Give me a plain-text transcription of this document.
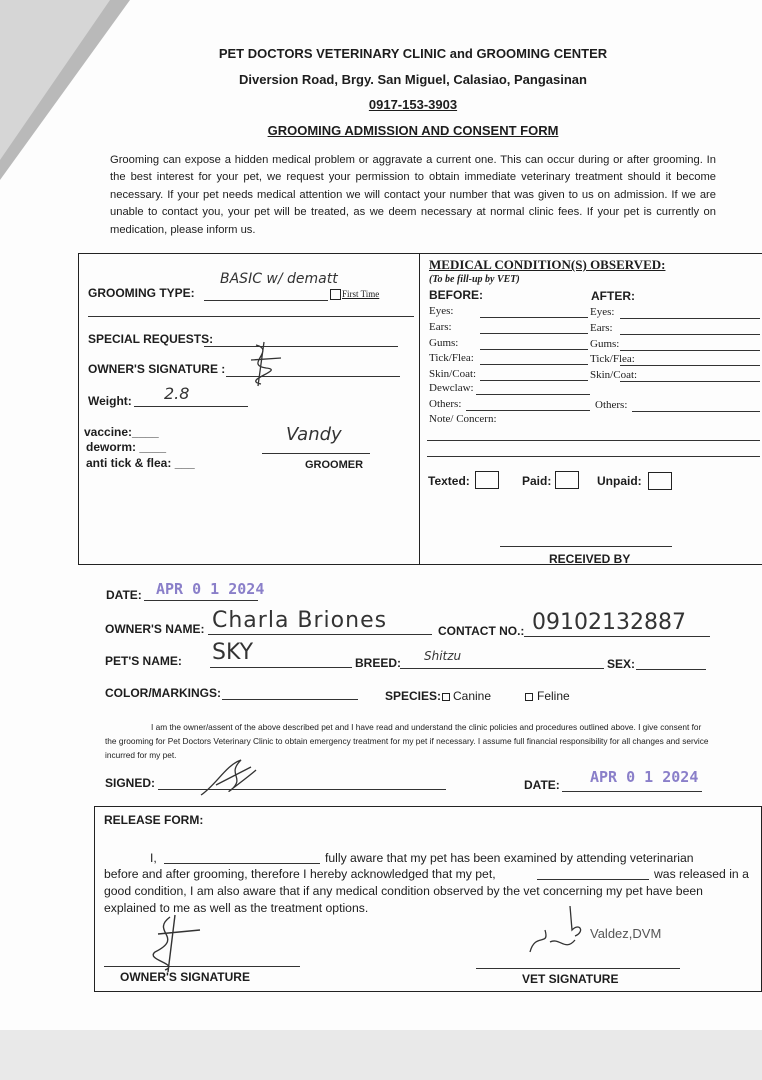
PET DOCTORS VETERINARY CLINIC and GROOMING CENTER
Diversion Road, Brgy. San Miguel, Calasiao, Pangasinan
0917-153-3903
GROOMING ADMISSION AND CONSENT FORM
Grooming can expose a hidden medical problem or aggravate a current one. This can occur during or after grooming. In the best interest for your pet, we request your permission to obtain immediate veterinary treatment should it become necessary. If your pet needs medical attention we will contact your number that was given to us on admission. If we are unable to contact you, your pet will be treated, as we deem necessary at normal clinic fees. If your pet is currently on medication, please inform us.
GROOMING TYPE:
BASIC w/ dematt
First Time
SPECIAL REQUESTS:
OWNER'S SIGNATURE :
Weight: 2.8
vaccine:____
deworm: ____
anti tick & flea: ___
Vandy
GROOMER
MEDICAL CONDITION(S) OBSERVED:
(To be fill-up by VET)
BEFORE:	AFTER:
Eyes:	Eyes:
Ears:	Ears:
Gums:	Gums:
Tick/Flea:	Tick/Flea:
Skin/Coat:	Skin/Coat:
Dewclaw:
Others:	Others:
Note/ Concern:
Texted:	Paid:	Unpaid:
RECEIVED BY
DATE: APR 0 1 2024
OWNER'S NAME: Charla Briones	CONTACT NO.: 09102132887
PET'S NAME: SKY	BREED: Shitzu
SEX:
COLOR/MARKINGS:	SPECIES: Canine	Feline
I am the owner/assent of the above described pet and I have read and understand the clinic policies and procedures outlined above. I give consent for the grooming for Pet Doctors Veterinary Clinic to obtain emergency treatment for my pet if necessary. I assume full financial responsibility for all changes and service incurred for my pet.
SIGNED:	DATE: APR 0 1 2024
RELEASE FORM:
I,	fully aware that my pet has been examined by attending veterinarian
before and after grooming, therefore I hereby acknowledged that my pet,	was released in a
good condition, I am also aware that if any medical condition observed by the vet concerning my pet have been
explained to me as well as the treatment options.
OWNER'S SIGNATURE
Valdez,DVM
VET SIGNATURE
